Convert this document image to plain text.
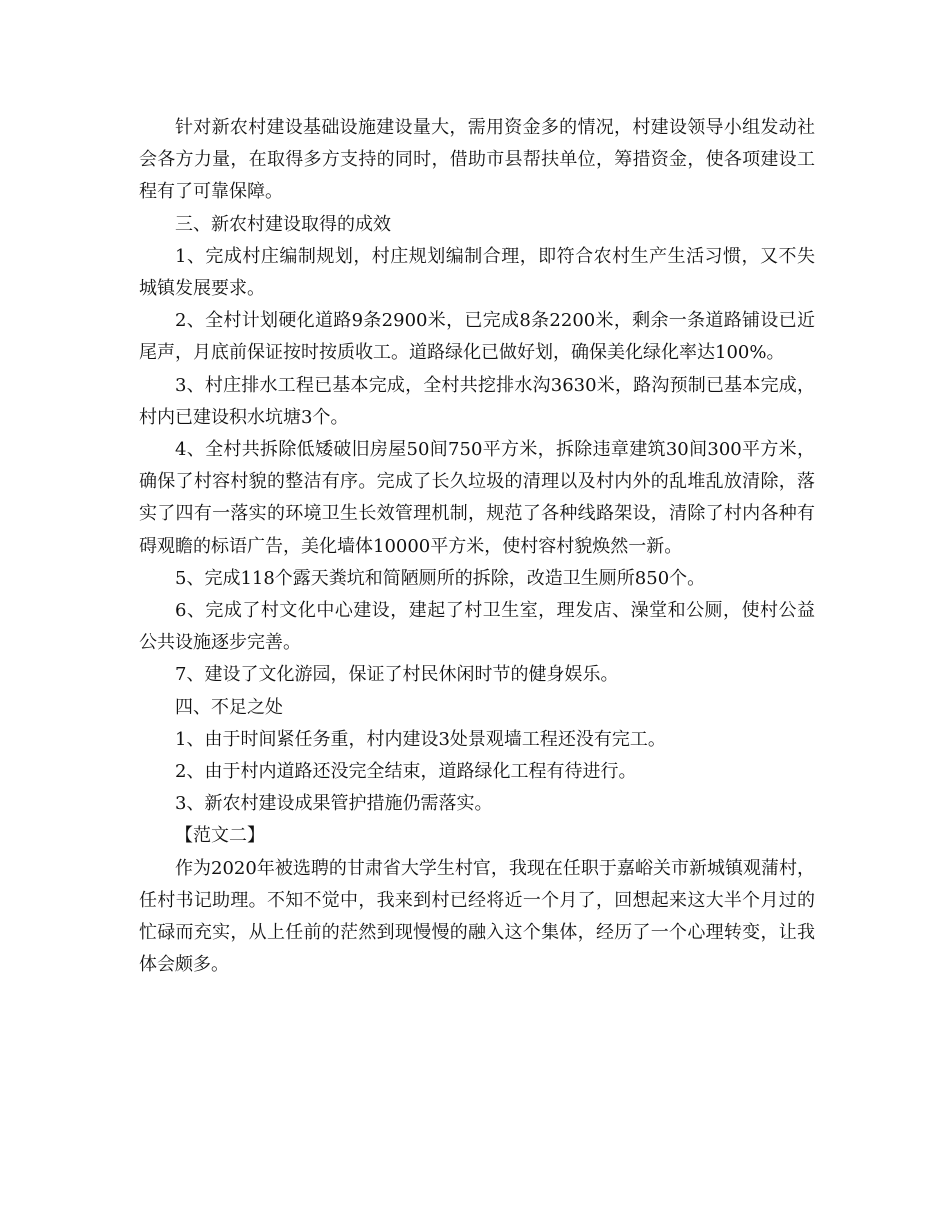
针对新农村建设基础设施建设量大，需用资金多的情况，村建设领导小组发动社会各方力量，在取得多方支持的同时，借助市县帮扶单位，筹措资金，使各项建设工程有了可靠保障。

三、新农村建设取得的成效

1、完成村庄编制规划，村庄规划编制合理，即符合农村生产生活习惯，又不失城镇发展要求。

2、全村计划硬化道路9条2900米，已完成8条2200米，剩余一条道路铺设已近尾声，月底前保证按时按质收工。道路绿化已做好划，确保美化绿化率达100%。

3、村庄排水工程已基本完成，全村共挖排水沟3630米，路沟预制已基本完成，村内已建设积水坑塘3个。

4、全村共拆除低矮破旧房屋50间750平方米，拆除违章建筑30间300平方米，确保了村容村貌的整洁有序。完成了长久垃圾的清理以及村内外的乱堆乱放清除，落实了四有一落实的环境卫生长效管理机制，规范了各种线路架设，清除了村内各种有碍观瞻的标语广告，美化墙体10000平方米，使村容村貌焕然一新。

5、完成118个露天粪坑和简陋厕所的拆除，改造卫生厕所850个。

6、完成了村文化中心建设，建起了村卫生室，理发店、澡堂和公厕，使村公益公共设施逐步完善。

7、建设了文化游园，保证了村民休闲时节的健身娱乐。

四、不足之处

1、由于时间紧任务重，村内建设3处景观墙工程还没有完工。

2、由于村内道路还没完全结束，道路绿化工程有待进行。

3、新农村建设成果管护措施仍需落实。

【范文二】

作为2020年被选聘的甘肃省大学生村官，我现在任职于嘉峪关市新城镇观蒲村，任村书记助理。不知不觉中，我来到村已经将近一个月了，回想起来这大半个月过的忙碌而充实，从上任前的茫然到现慢慢的融入这个集体，经历了一个心理转变，让我体会颇多。
